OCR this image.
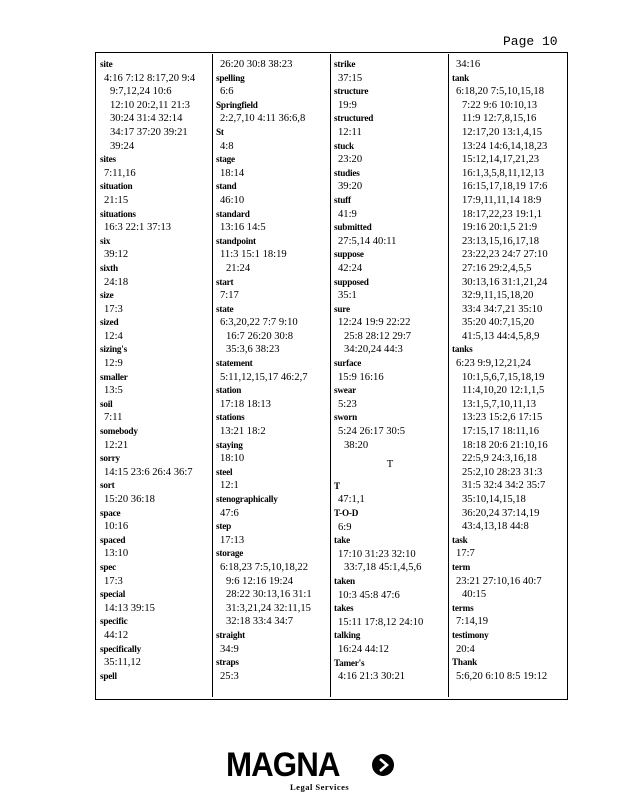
Page 10
site
4:16 7:12 8:17,20 9:4
9:7,12,24 10:6
12:10 20:2,11 21:3
30:24 31:4 32:14
34:17 37:20 39:21
39:24
sites
7:11,16
situation
21:15
situations
16:3 22:1 37:13
six
39:12
sixth
24:18
size
17:3
sized
12:4
sizing's
12:9
smaller
13:5
soil
7:11
somebody
12:21
sorry
14:15 23:6 26:4 36:7
sort
15:20 36:18
space
10:16
spaced
13:10
spec
17:3
special
14:13 39:15
specific
44:12
specifically
35:11,12
spell
26:20 30:8 38:23
spelling
6:6
Springfield
2:2,7,10 4:11 36:6,8
St
4:8
stage
18:14
stand
46:10
standard
13:16 14:5
standpoint
11:3 15:1 18:19
21:24
start
7:17
state
6:3,20,22 7:7 9:10
16:7 26:20 30:8
35:3,6 38:23
statement
5:11,12,15,17 46:2,7
station
17:18 18:13
stations
13:21 18:2
staying
18:10
steel
12:1
stenographically
47:6
step
17:13
storage
6:18,23 7:5,10,18,22
9:6 12:16 19:24
28:22 30:13,16 31:1
31:3,21,24 32:11,15
32:18 33:4 34:7
straight
34:9
straps
25:3
strike
37:15
structure
19:9
structured
12:11
stuck
23:20
studies
39:20
stuff
41:9
submitted
27:5,14 40:11
suppose
42:24
supposed
35:1
sure
12:24 19:9 22:22
25:8 28:12 29:7
34:20,24 44:3
surface
15:9 16:16
swear
5:23
sworn
5:24 26:17 30:5
38:20
T
T
47:1,1
T-O-D
6:9
take
17:10 31:23 32:10
33:7,18 45:1,4,5,6
taken
10:3 45:8 47:6
takes
15:11 17:8,12 24:10
talking
16:24 44:12
Tamer's
4:16 21:3 30:21
34:16
tank
6:18,20 7:5,10,15,18
7:22 9:6 10:10,13
11:9 12:7,8,15,16
12:17,20 13:1,4,15
13:24 14:6,14,18,23
15:12,14,17,21,23
16:1,3,5,8,11,12,13
16:15,17,18,19 17:6
17:9,11,11,14 18:9
18:17,22,23 19:1,1
19:16 20:1,5 21:9
23:13,15,16,17,18
23:22,23 24:7 27:10
27:16 29:2,4,5,5
30:13,16 31:1,21,24
32:9,11,15,18,20
33:4 34:7,21 35:10
35:20 40:7,15,20
41:5,13 44:4,5,8,9
tanks
6:23 9:9,12,21,24
10:1,5,6,7,15,18,19
11:4,10,20 12:1,1,5
13:1,5,7,10,11,13
13:23 15:2,6 17:15
17:15,17 18:11,16
18:18 20:6 21:10,16
22:5,9 24:3,16,18
25:2,10 28:23 31:3
31:5 32:4 34:2 35:7
35:10,14,15,18
36:20,24 37:14,19
43:4,13,18 44:8
task
17:7
term
23:21 27:10,16 40:7
40:15
terms
7:14,19
testimony
20:4
Thank
5:6,20 6:10 8:5 19:12
MAGNA
Legal Services
